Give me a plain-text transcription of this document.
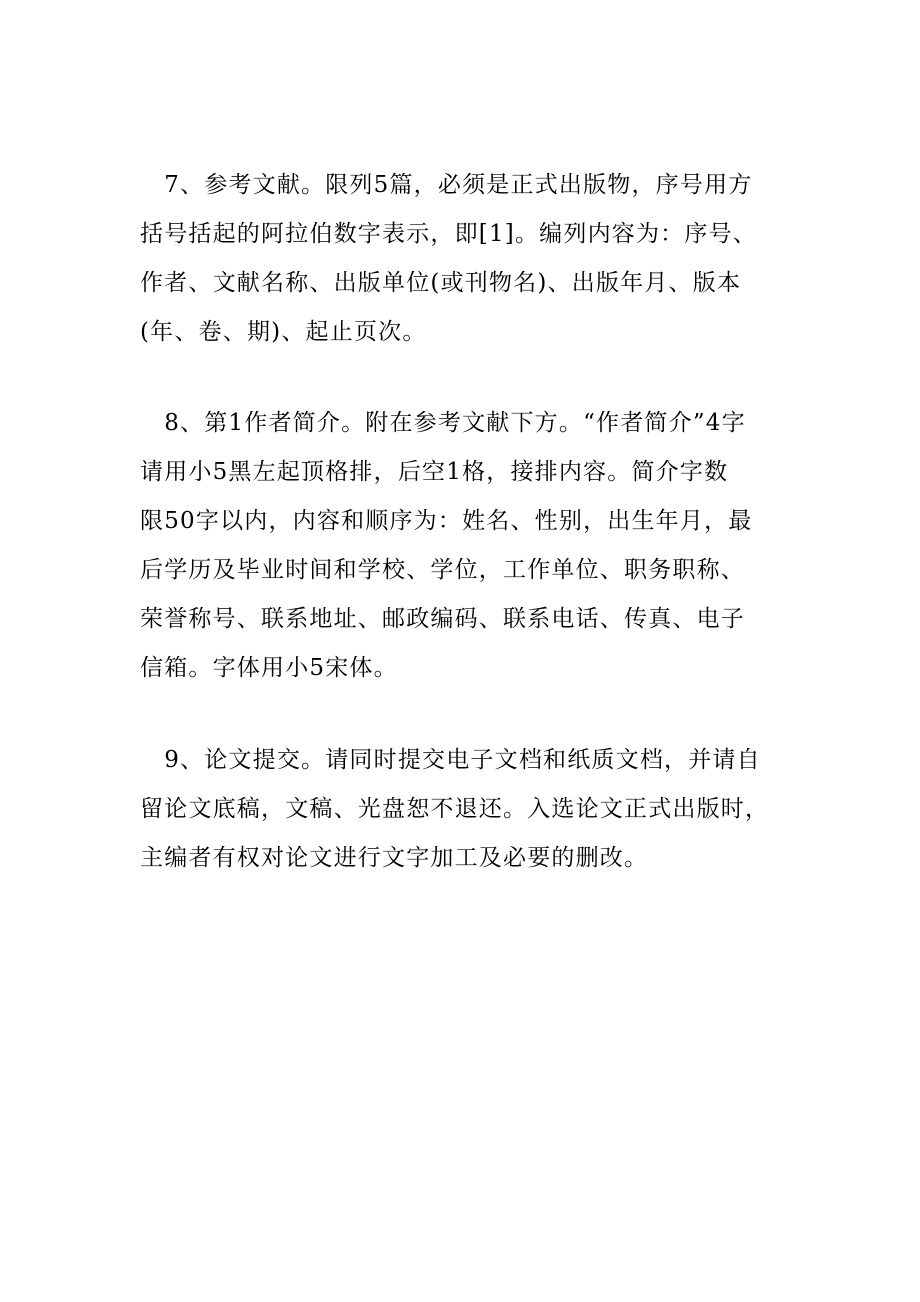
　7、参考文献。限列5篇，必须是正式出版物，序号用方
括号括起的阿拉伯数字表示，即[1]。编列内容为：序号、
作者、文献名称、出版单位(或刊物名)、出版年月、版本
(年、卷、期)、起止页次。
　8、第1作者简介。附在参考文献下方。“作者简介”4字
请用小5黑左起顶格排，后空1格，接排内容。简介字数
限50字以内，内容和顺序为：姓名、性别，出生年月，最
后学历及毕业时间和学校、学位，工作单位、职务职称、
荣誉称号、联系地址、邮政编码、联系电话、传真、电子
信箱。字体用小5宋体。
　9、论文提交。请同时提交电子文档和纸质文档，并请自
留论文底稿，文稿、光盘恕不退还。入选论文正式出版时，
主编者有权对论文进行文字加工及必要的删改。
